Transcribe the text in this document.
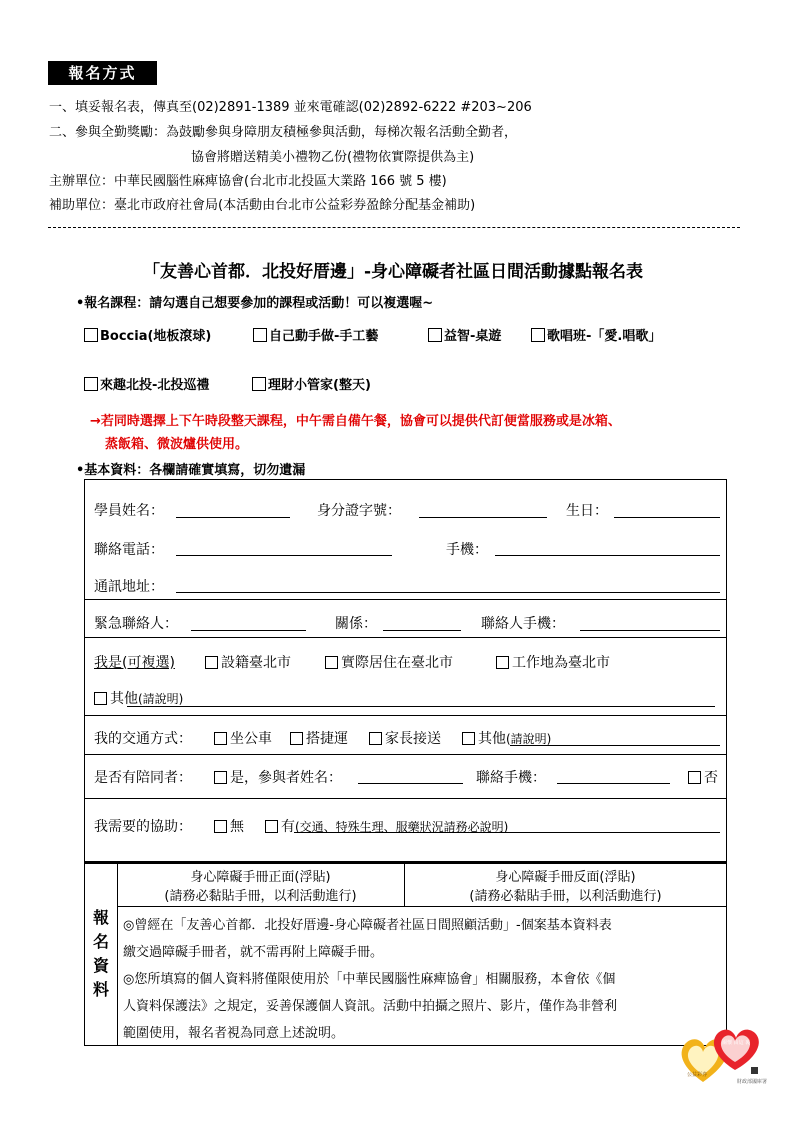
報名方式
一、填妥報名表，傳真至(02)2891-1389 並來電確認(02)2892-6222 #203~206
二、參與全勤獎勵：為鼓勵參與身障朋友積極參與活動，每梯次報名活動全勤者，
協會將贈送精美小禮物乙份(禮物依實際提供為主)
主辦單位：中華民國腦性麻痺協會(台北市北投區大業路 166 號 5 樓)
補助單位：臺北市政府社會局(本活動由台北市公益彩券盈餘分配基金補助)
「友善心首都．北投好厝邊」-身心障礙者社區日間活動據點報名表
•報名課程：請勾選自己想要參加的課程或活動！可以複選喔~
Boccia(地板滾球)	自己動手做-手工藝	益智-桌遊	歌唱班-「愛.唱歌」
來趣北投-北投巡禮	理財小管家(整天)
→若同時選擇上下午時段整天課程，中午需自備午餐，協會可以提供代訂便當服務或是冰箱、
蒸飯箱、微波爐供使用。
•基本資料：各欄請確實填寫，切勿遺漏
學員姓名：	身分證字號：	生日：
聯絡電話：	手機：
通訊地址：
緊急聯絡人：	關係：	聯絡人手機：
我是(可複選)	設籍臺北市	實際居住在臺北市	工作地為臺北市
其他 (請說明)
我的交通方式：	坐公車 搭捷運	家長接送	其他 (請說明)
是否有陪同者：	是，參與者姓名：	聯絡手機：	否
我需要的協助：	無	有 (交通、特殊生理、服藥狀況請務必說明)
報
名
資
料
身心障礙手冊正面(浮貼)
(請務必黏貼手冊，以利活動進行)
身心障礙手冊反面(浮貼)
(請務必黏貼手冊，以利活動進行)
◎曾經在「友善心首都．北投好厝邊-身心障礙者社區日間照顧活動」-個案基本資料表
繳交過障礙手冊者，就不需再附上障礙手冊。
◎您所填寫的個人資料將僅限使用於「中華民國腦性麻痺協會」相關服務，本會依《個
人資料保護法》之規定，妥善保護個人資訊。活動中拍攝之照片、影片，僅作為非營利
範圍使用，報名者視為同意上述說明。
公益彩券
關懷 由這 裏
財政部國庫署
